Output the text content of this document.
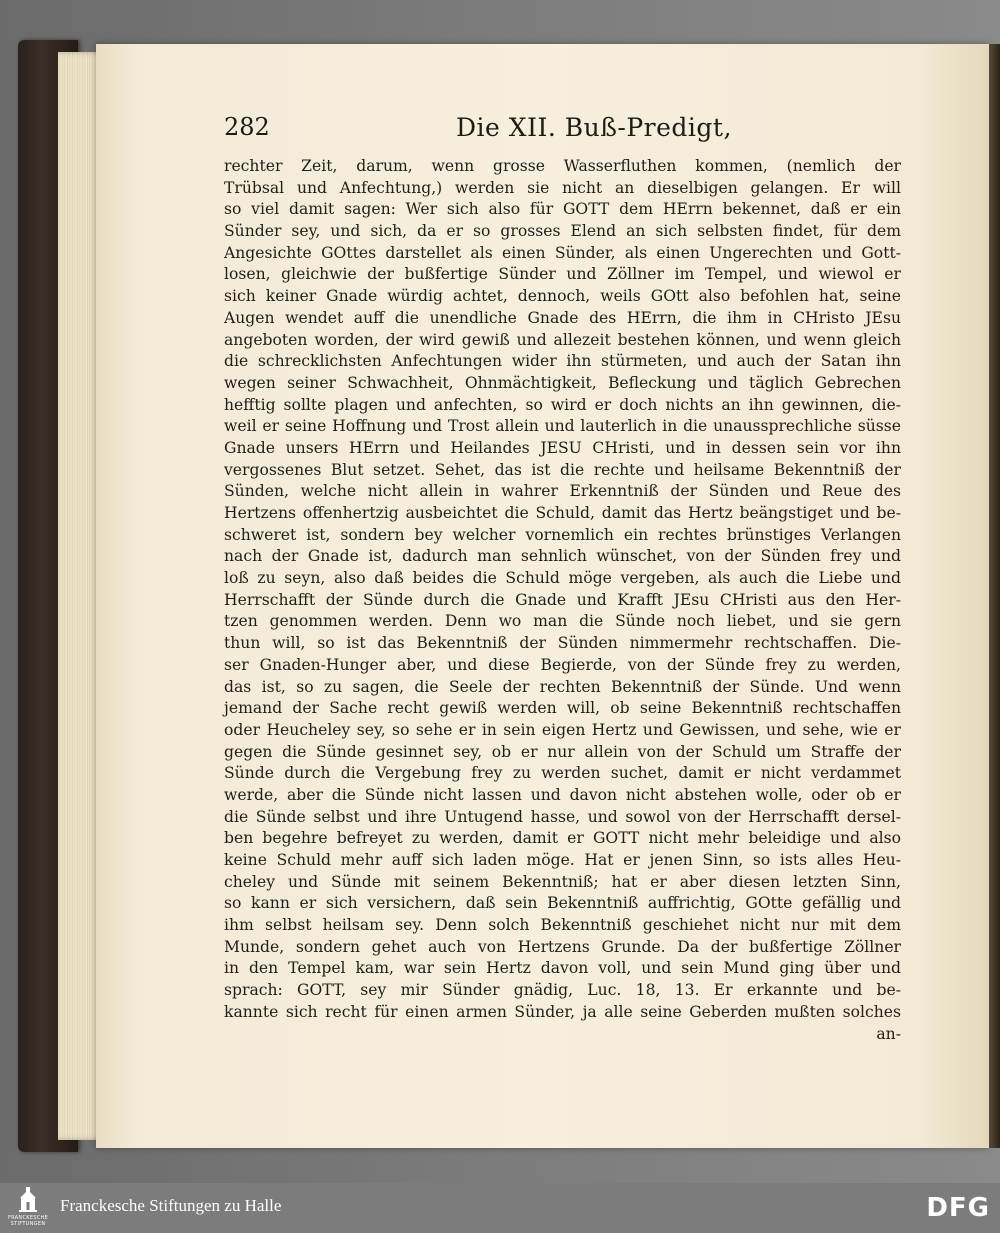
282	Die XII. Buß-Predigt,
rechter Zeit, darum, wenn grosse Wasserfluthen kommen, (nemlich der
Trübsal und Anfechtung,) werden sie nicht an dieselbigen gelangen. Er will
so viel damit sagen: Wer sich also für GOTT dem HErrn bekennet, daß er ein
Sünder sey, und sich, da er so grosses Elend an sich selbsten findet, für dem
Angesichte GOttes darstellet als einen Sünder, als einen Ungerechten und Gott-
losen, gleichwie der bußfertige Sünder und Zöllner im Tempel, und wiewol er
sich keiner Gnade würdig achtet, dennoch, weils GOtt also befohlen hat, seine
Augen wendet auff die unendliche Gnade des HErrn, die ihm in CHristo JEsu
angeboten worden, der wird gewiß und allezeit bestehen können, und wenn gleich
die schrecklichsten Anfechtungen wider ihn stürmeten, und auch der Satan ihn
wegen seiner Schwachheit, Ohnmächtigkeit, Befleckung und täglich Gebrechen
hefftig sollte plagen und anfechten, so wird er doch nichts an ihn gewinnen, die-
weil er seine Hoffnung und Trost allein und lauterlich in die unaussprechliche süsse
Gnade unsers HErrn und Heilandes JESU CHristi, und in dessen sein vor ihn
vergossenes Blut setzet. Sehet, das ist die rechte und heilsame Bekenntniß der
Sünden, welche nicht allein in wahrer Erkenntniß der Sünden und Reue des
Hertzens offenhertzig ausbeichtet die Schuld, damit das Hertz beängstiget und be-
schweret ist, sondern bey welcher vornemlich ein rechtes brünstiges Verlangen
nach der Gnade ist, dadurch man sehnlich wünschet, von der Sünden frey und
loß zu seyn, also daß beides die Schuld möge vergeben, als auch die Liebe und
Herrschafft der Sünde durch die Gnade und Krafft JEsu CHristi aus den Her-
tzen genommen werden. Denn wo man die Sünde noch liebet, und sie gern
thun will, so ist das Bekenntniß der Sünden nimmermehr rechtschaffen. Die-
ser Gnaden-Hunger aber, und diese Begierde, von der Sünde frey zu werden,
das ist, so zu sagen, die Seele der rechten Bekenntniß der Sünde. Und wenn
jemand der Sache recht gewiß werden will, ob seine Bekenntniß rechtschaffen
oder Heucheley sey, so sehe er in sein eigen Hertz und Gewissen, und sehe, wie er
gegen die Sünde gesinnet sey, ob er nur allein von der Schuld um Straffe der
Sünde durch die Vergebung frey zu werden suchet, damit er nicht verdammet
werde, aber die Sünde nicht lassen und davon nicht abstehen wolle, oder ob er
die Sünde selbst und ihre Untugend hasse, und sowol von der Herrschafft dersel-
ben begehre befreyet zu werden, damit er GOTT nicht mehr beleidige und also
keine Schuld mehr auff sich laden möge. Hat er jenen Sinn, so ists alles Heu-
cheley und Sünde mit seinem Bekenntniß; hat er aber diesen letzten Sinn,
so kann er sich versichern, daß sein Bekenntniß auffrichtig, GOtte gefällig und
ihm selbst heilsam sey. Denn solch Bekenntniß geschiehet nicht nur mit dem
Munde, sondern gehet auch von Hertzens Grunde. Da der bußfertige Zöllner
in den Tempel kam, war sein Hertz davon voll, und sein Mund ging über und
sprach: GOTT, sey mir Sünder gnädig, Luc. 18, 13. Er erkannte und be-
kannte sich recht für einen armen Sünder, ja alle seine Geberden mußten solches
an-
FRANCKESCHE STIFTUNGEN
Franckesche Stiftungen zu Halle	DFG
